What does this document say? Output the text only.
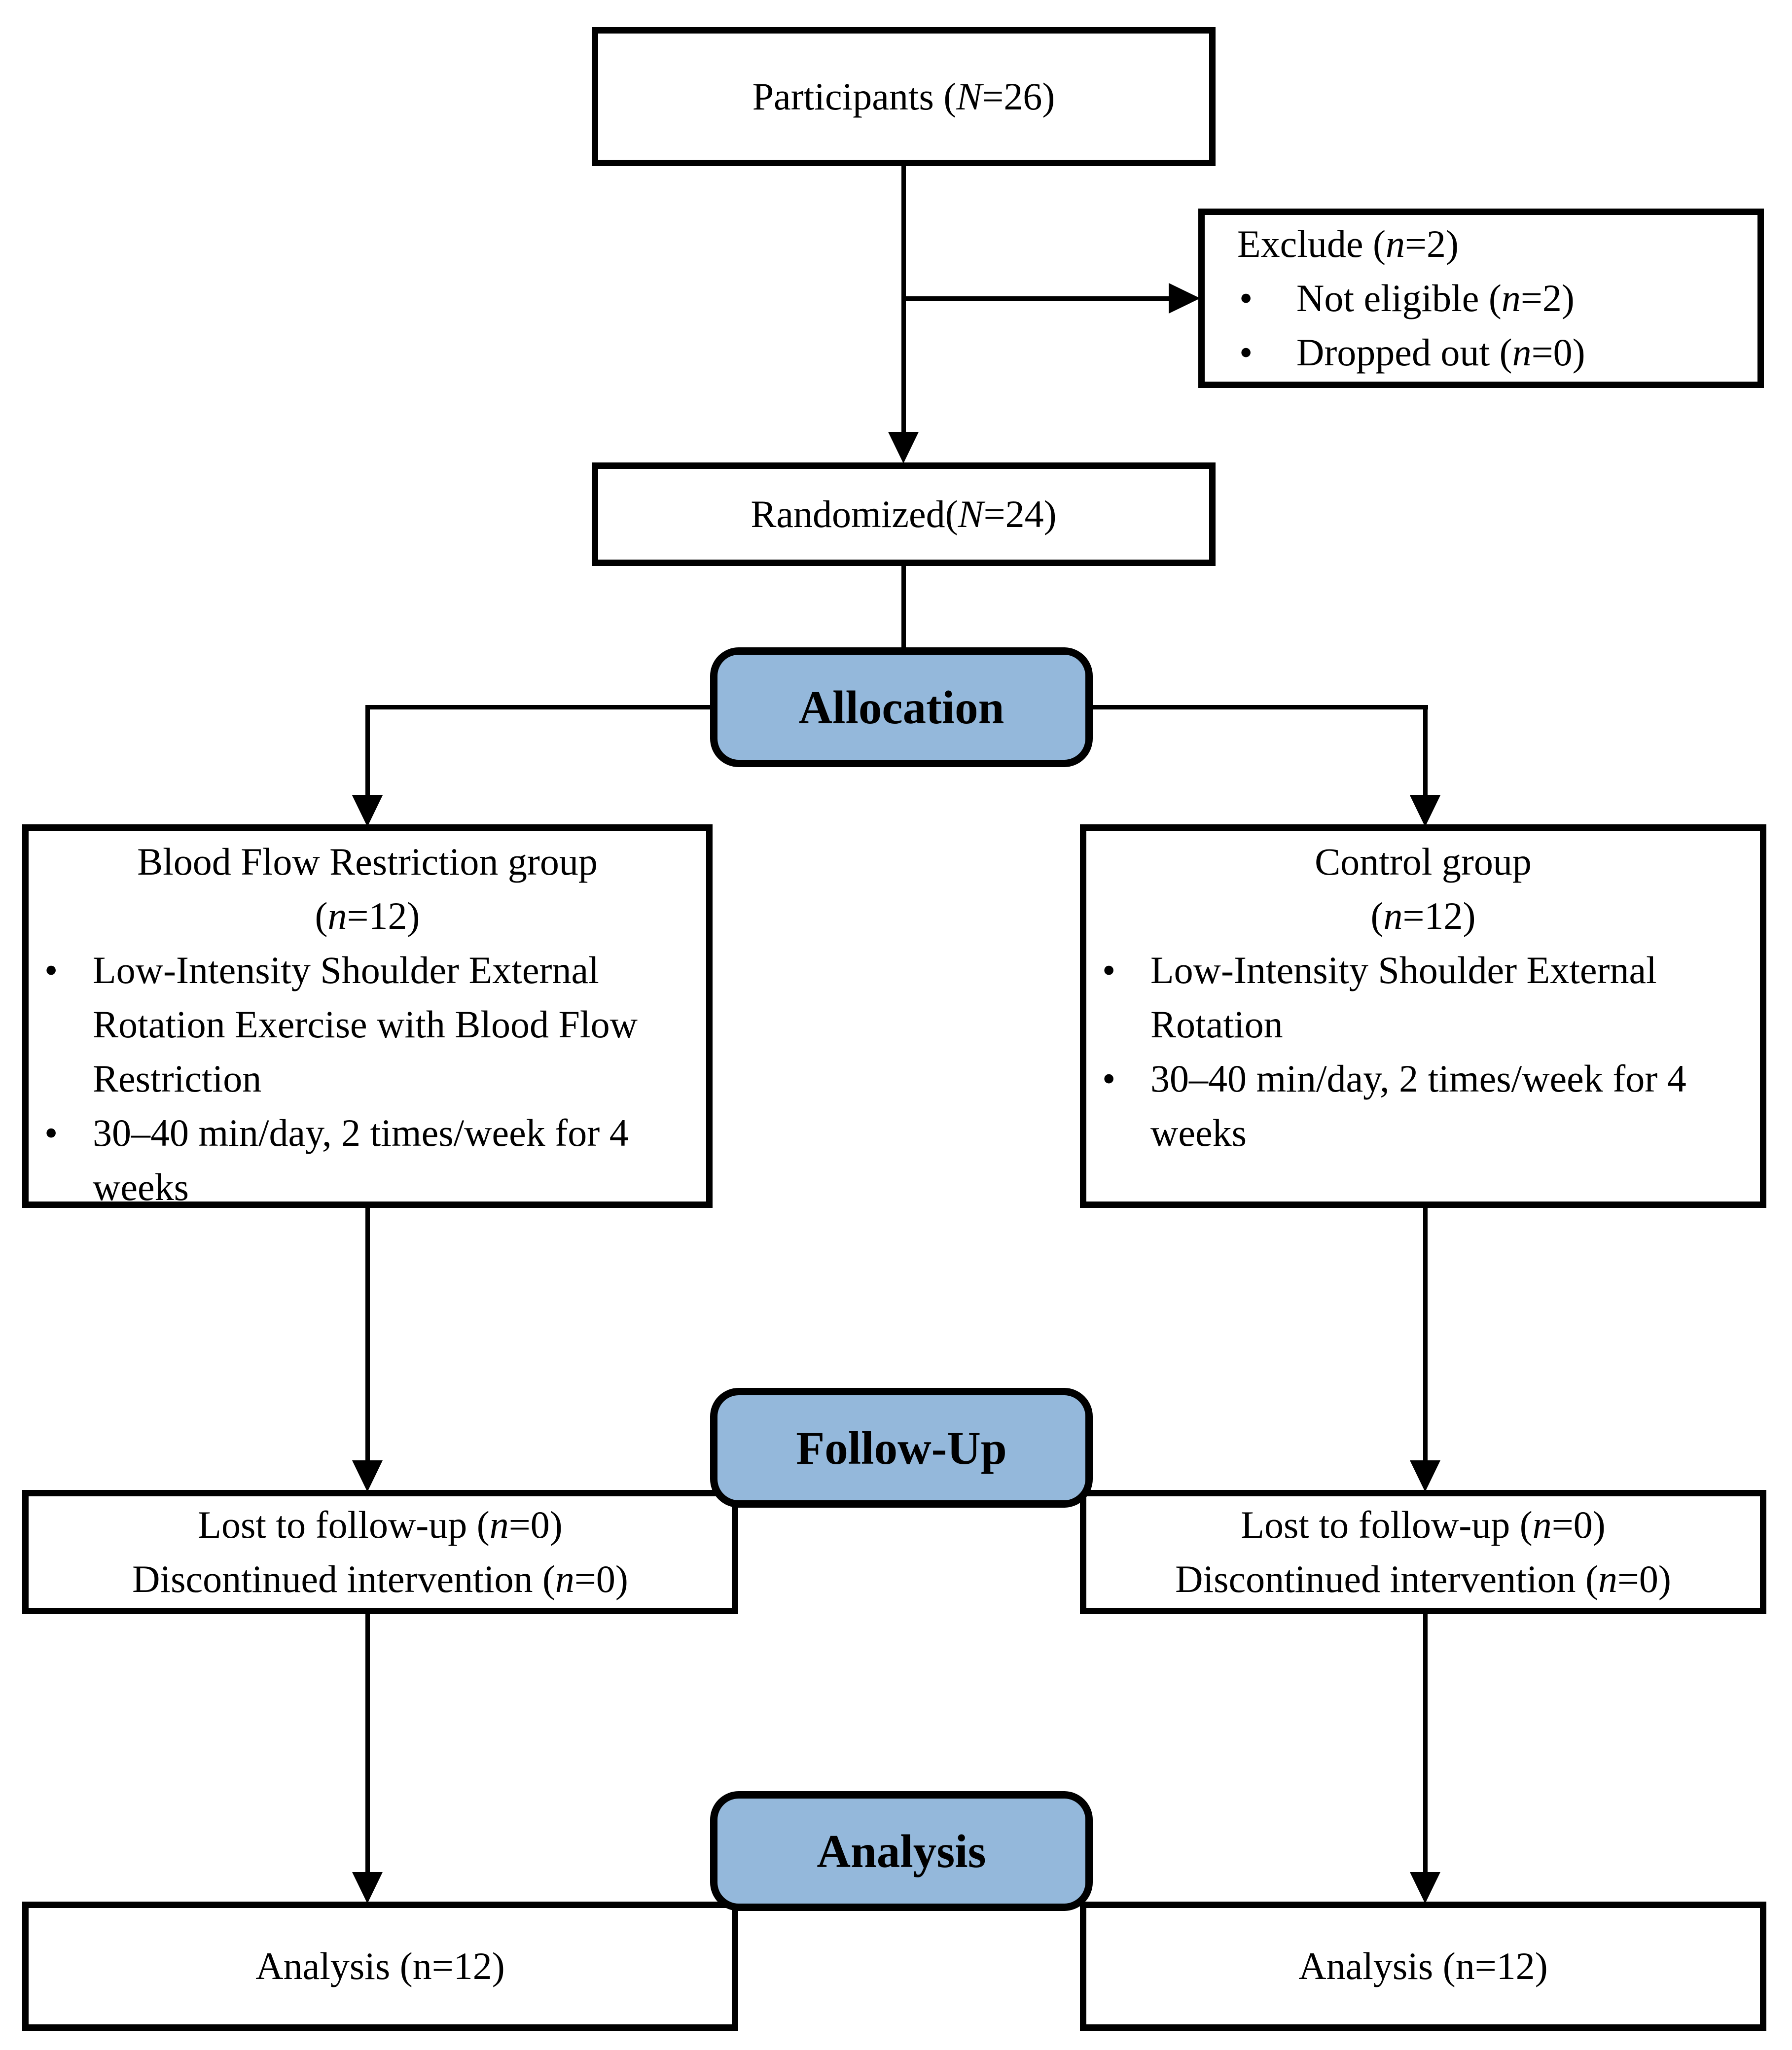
Participants (N=26)
Exclude (n=2)
•	Not eligible (n=2)
•	Dropped out (n=0)
Randomized(N=24)
Blood Flow Restriction group
(n=12)
• Low-Intensity Shoulder External Rotation Exercise with Blood Flow Restriction
• 30–40 min/day, 2 times/week for 4 weeks
Control group
(n=12)
• Low-Intensity Shoulder External Rotation
• 30–40 min/day, 2 times/week for 4 weeks
Lost to follow-up (n=0)
Discontinued intervention (n=0)
Lost to follow-up (n=0)
Discontinued intervention (n=0)
Analysis (n=12)	Analysis (n=12)
Allocation
Follow-Up
Analysis
